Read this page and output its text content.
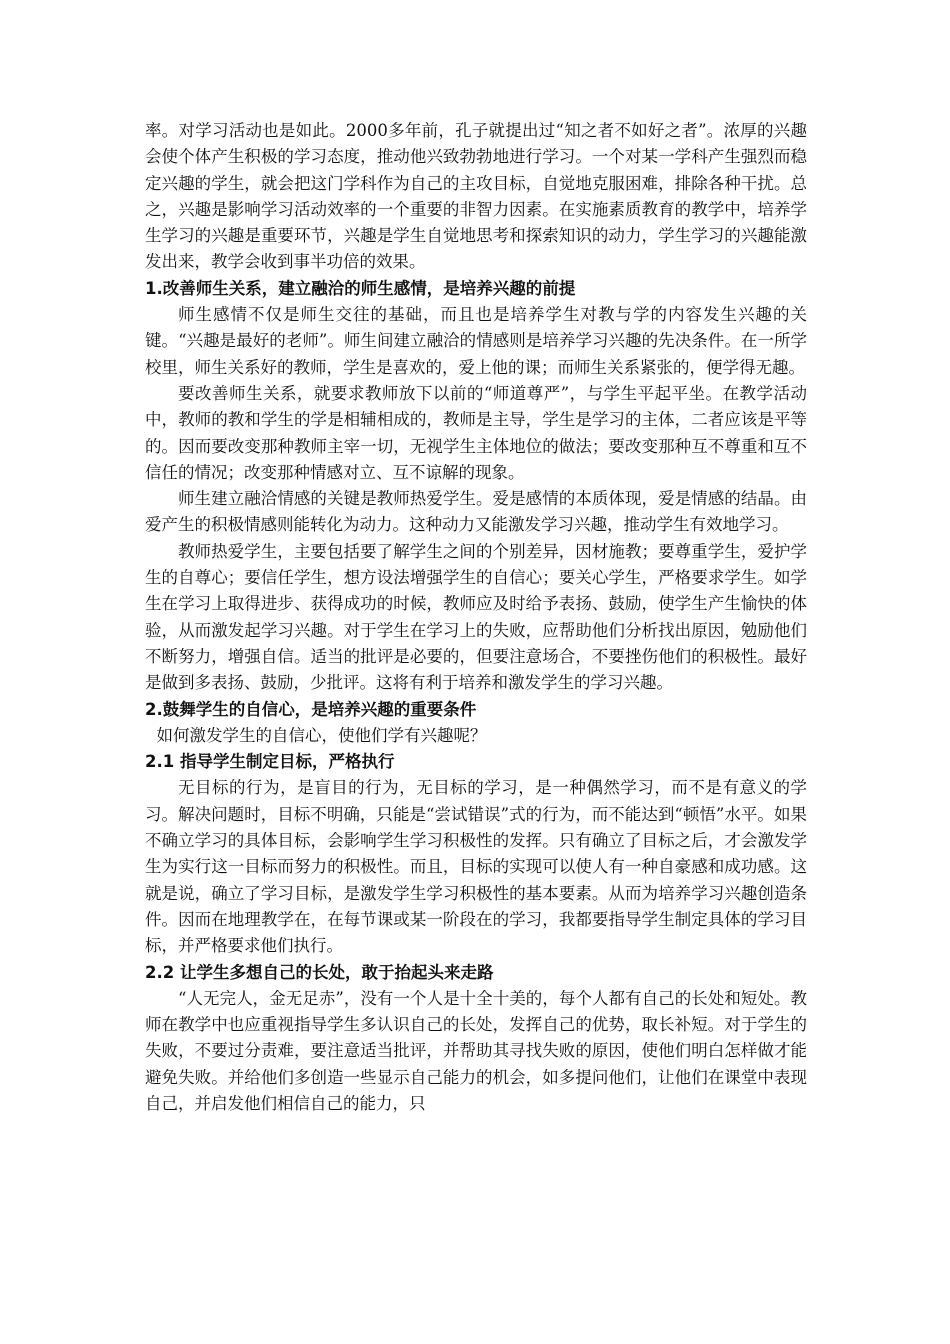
率。对学习活动也是如此。2000多年前，孔子就提出过“知之者不如好之者”。浓厚的兴趣会使个体产生积极的学习态度，推动他兴致勃勃地进行学习。一个对某一学科产生强烈而稳定兴趣的学生，就会把这门学科作为自己的主攻目标，自觉地克服困难，排除各种干扰。总之，兴趣是影响学习活动效率的一个重要的非智力因素。在实施素质教育的教学中，培养学生学习的兴趣是重要环节，兴趣是学生自觉地思考和探索知识的动力，学生学习的兴趣能激发出来，教学会收到事半功倍的效果。

1.改善师生关系，建立融洽的师生感情，是培养兴趣的前提

师生感情不仅是师生交往的基础，而且也是培养学生对教与学的内容发生兴趣的关键。“兴趣是最好的老师”。师生间建立融洽的情感则是培养学习兴趣的先决条件。在一所学校里，师生关系好的教师，学生是喜欢的，爱上他的课；而师生关系紧张的，便学得无趣。

要改善师生关系，就要求教师放下以前的“师道尊严”，与学生平起平坐。在教学活动中，教师的教和学生的学是相辅相成的，教师是主导，学生是学习的主体，二者应该是平等的。因而要改变那种教师主宰一切，无视学生主体地位的做法；要改变那种互不尊重和互不信任的情况；改变那种情感对立、互不谅解的现象。

师生建立融洽情感的关键是教师热爱学生。爱是感情的本质体现，爱是情感的结晶。由爱产生的积极情感则能转化为动力。这种动力又能激发学习兴趣，推动学生有效地学习。

教师热爱学生，主要包括要了解学生之间的个别差异，因材施教；要尊重学生，爱护学生的自尊心；要信任学生，想方设法增强学生的自信心；要关心学生，严格要求学生。如学生在学习上取得进步、获得成功的时候，教师应及时给予表扬、鼓励，使学生产生愉快的体验，从而激发起学习兴趣。对于学生在学习上的失败，应帮助他们分析找出原因，勉励他们不断努力，增强自信。适当的批评是必要的，但要注意场合，不要挫伤他们的积极性。最好是做到多表扬、鼓励，少批评。这将有利于培养和激发学生的学习兴趣。

2.鼓舞学生的自信心，是培养兴趣的重要条件

如何激发学生的自信心，使他们学有兴趣呢？

2.1 指导学生制定目标，严格执行

无目标的行为，是盲目的行为，无目标的学习，是一种偶然学习，而不是有意义的学习。解决问题时，目标不明确，只能是“尝试错误”式的行为，而不能达到“顿悟”水平。如果不确立学习的具体目标，会影响学生学习积极性的发挥。只有确立了目标之后，才会激发学生为实行这一目标而努力的积极性。而且，目标的实现可以使人有一种自豪感和成功感。这就是说，确立了学习目标，是激发学生学习积极性的基本要素。从而为培养学习兴趣创造条件。因而在地理教学在，在每节课或某一阶段在的学习，我都要指导学生制定具体的学习目标，并严格要求他们执行。

2.2 让学生多想自己的长处，敢于抬起头来走路

“人无完人，金无足赤”，没有一个人是十全十美的，每个人都有自己的长处和短处。教师在教学中也应重视指导学生多认识自己的长处，发挥自己的优势，取长补短。对于学生的失败，不要过分责难，要注意适当批评，并帮助其寻找失败的原因，使他们明白怎样做才能避免失败。并给他们多创造一些显示自己能力的机会，如多提问他们，让他们在课堂中表现自己，并启发他们相信自己的能力，只
